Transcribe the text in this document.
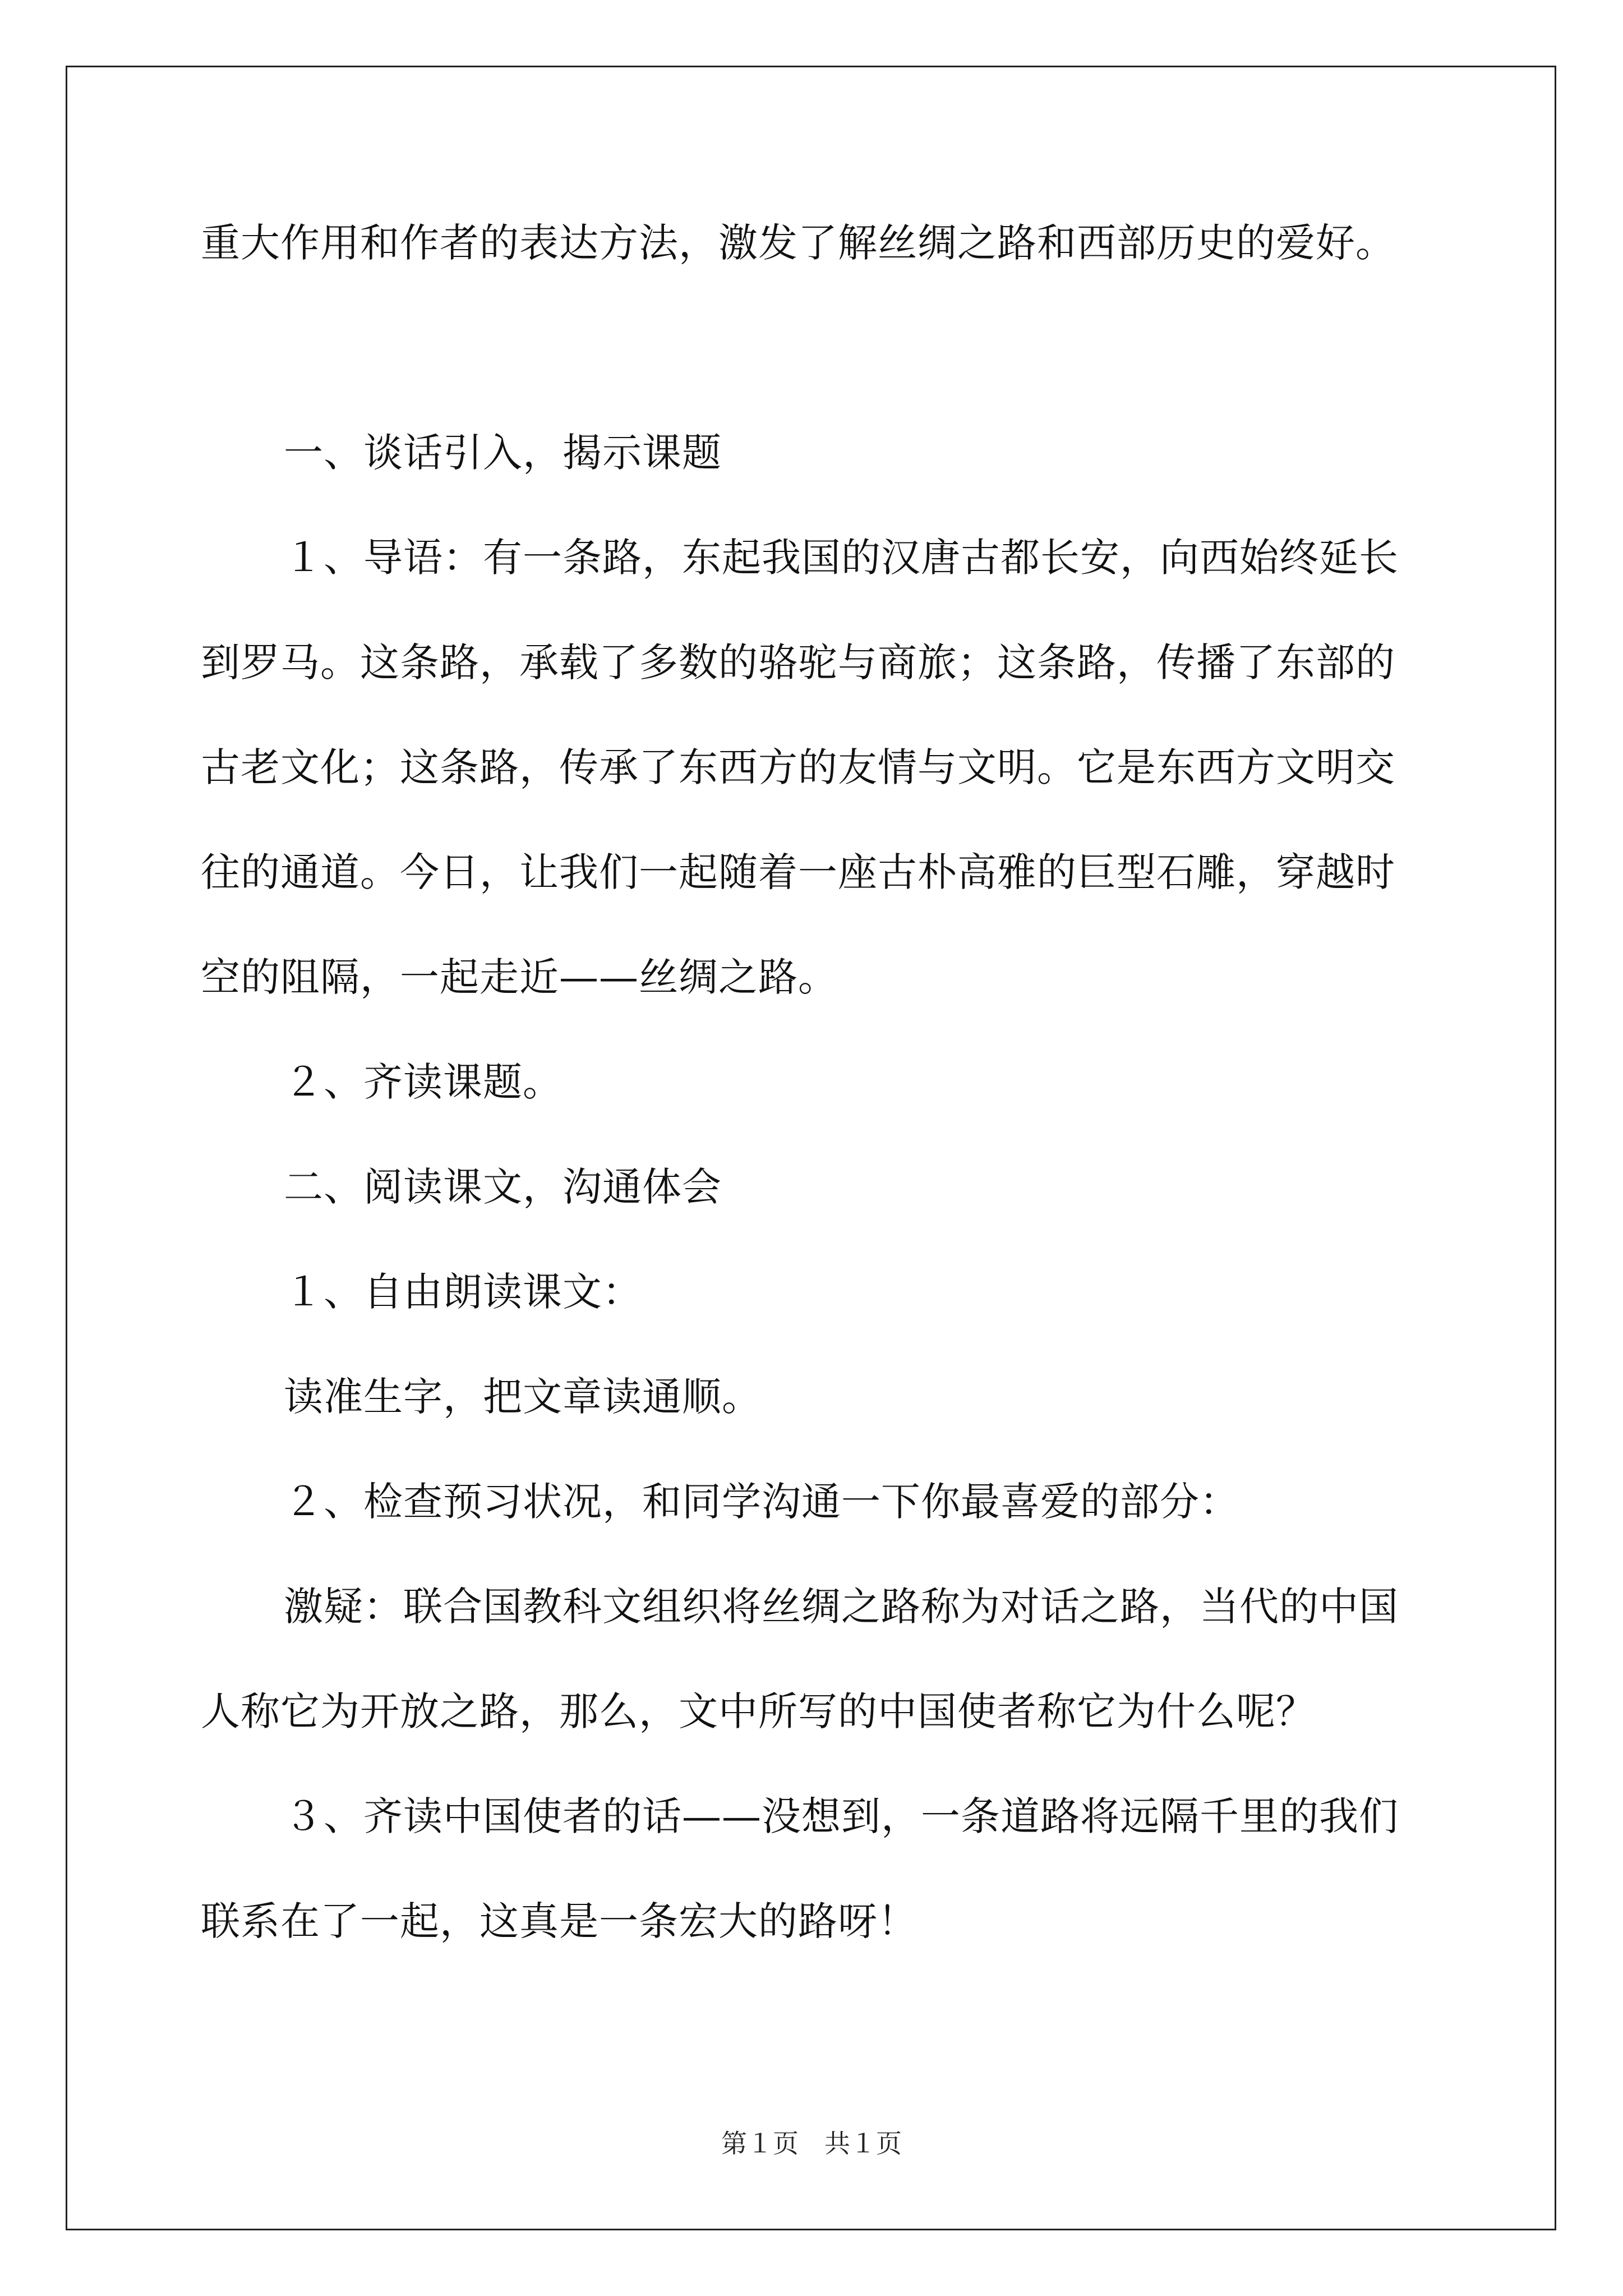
重大作用和作者的表达方法，激发了解丝绸之路和西部历史的爱好。

一、谈话引入，揭示课题

１、导语：有一条路，东起我国的汉唐古都长安，向西始终延长到罗马。这条路，承载了多数的骆驼与商旅；这条路，传播了东部的古老文化；这条路，传承了东西方的友情与文明。它是东西方文明交往的通道。今日，让我们一起随着一座古朴高雅的巨型石雕，穿越时空的阻隔，一起走近——丝绸之路。

２、齐读课题。

二、阅读课文，沟通体会

１、自由朗读课文：

读准生字，把文章读通顺。

２、检查预习状况，和同学沟通一下你最喜爱的部分：

激疑：联合国教科文组织将丝绸之路称为对话之路，当代的中国人称它为开放之路，那么，文中所写的中国使者称它为什么呢？

３、齐读中国使者的话——没想到，一条道路将远隔千里的我们联系在了一起，这真是一条宏大的路呀！

第１页　共１页
